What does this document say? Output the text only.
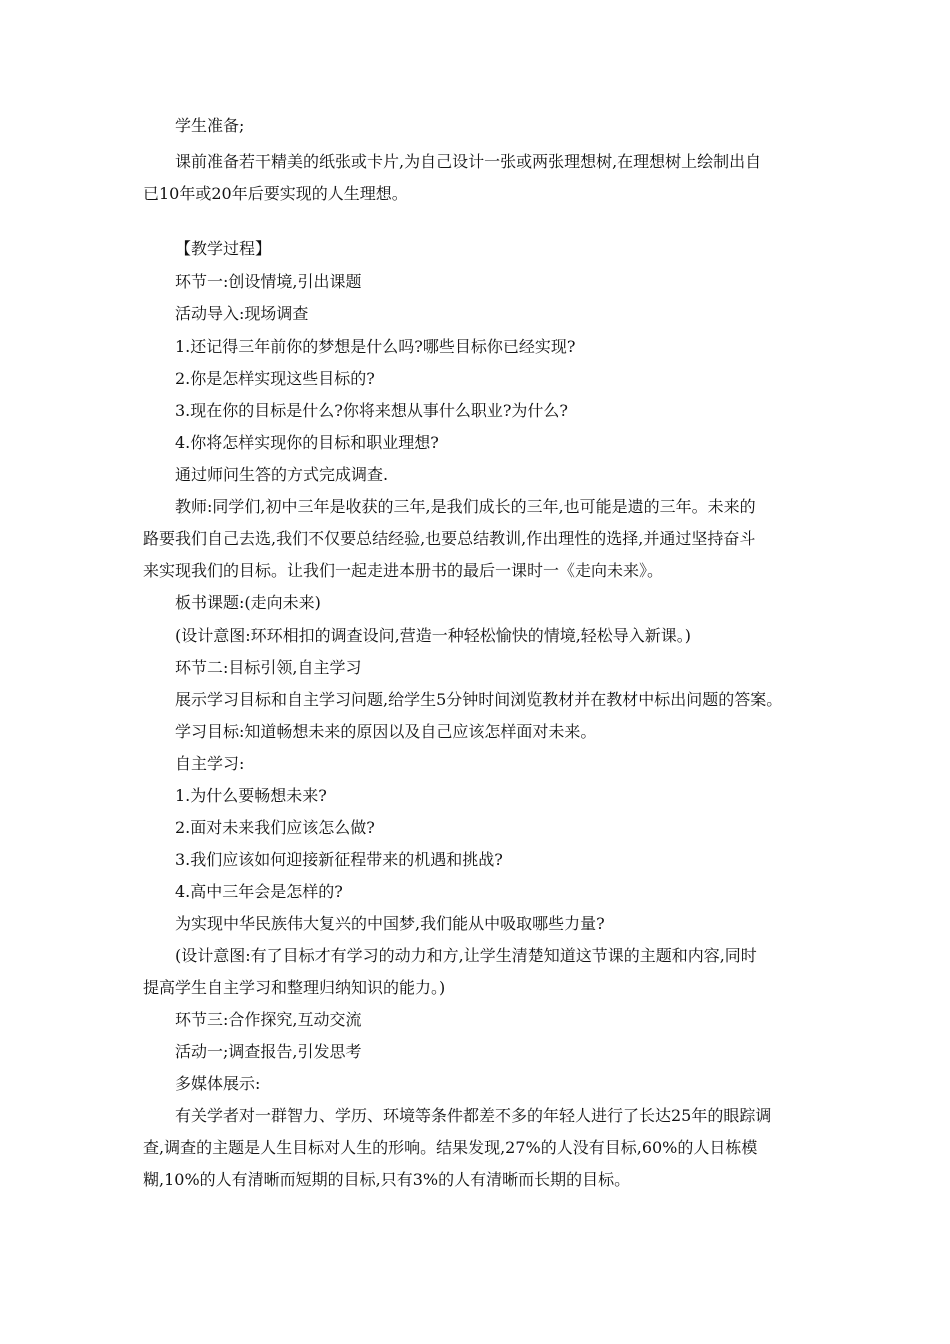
学生准备;
课前准备若干精美的纸张或卡片,为自己设计一张或两张理想树,在理想树上绘制出自
已10年或20年后要实现的人生理想。
【教学过程】
环节一:创设情境,引出课题
活动导入:现场调查
1.还记得三年前你的梦想是什么吗?哪些目标你已经实现?
2.你是怎样实现这些目标的?
3.现在你的目标是什么?你将来想从事什么职业?为什么?
4.你将怎样实现你的目标和职业理想?
通过师问生答的方式完成调查.
教师:同学们,初中三年是收获的三年,是我们成长的三年,也可能是遗的三年。未来的
路要我们自己去选,我们不仅要总结经验,也要总结教训,作出理性的选择,并通过坚持奋斗
来实现我们的目标。让我们一起走进本册书的最后一课时一《走向未来》。
板书课题:(走向未来)
(设计意图:环环相扣的调查设问,营造一种轻松愉快的情境,轻松导入新课。)
环节二:目标引领,自主学习
展示学习目标和自主学习问题,给学生5分钟时间浏览教材并在教材中标出问题的答案。
学习目标:知道畅想未来的原因以及自己应该怎样面对未来。
自主学习:
1.为什么要畅想未来?
2.面对未来我们应该怎么做?
3.我们应该如何迎接新征程带来的机遇和挑战?
4.高中三年会是怎样的?
为实现中华民族伟大复兴的中国梦,我们能从中吸取哪些力量?
(设计意图:有了目标才有学习的动力和方,让学生清楚知道这节课的主题和内容,同时
提高学生自主学习和整理归纳知识的能力。)
环节三:合作探究,互动交流
活动一;调查报告,引发思考
多媒体展示:
有关学者对一群智力、学历、环境等条件都差不多的年轻人进行了长达25年的眼踪调
查,调查的主题是人生目标对人生的形响。结果发现,27%的人没有目标,60%的人日栋模
糊,10%的人有清晰而短期的目标,只有3%的人有清晰而长期的目标。
